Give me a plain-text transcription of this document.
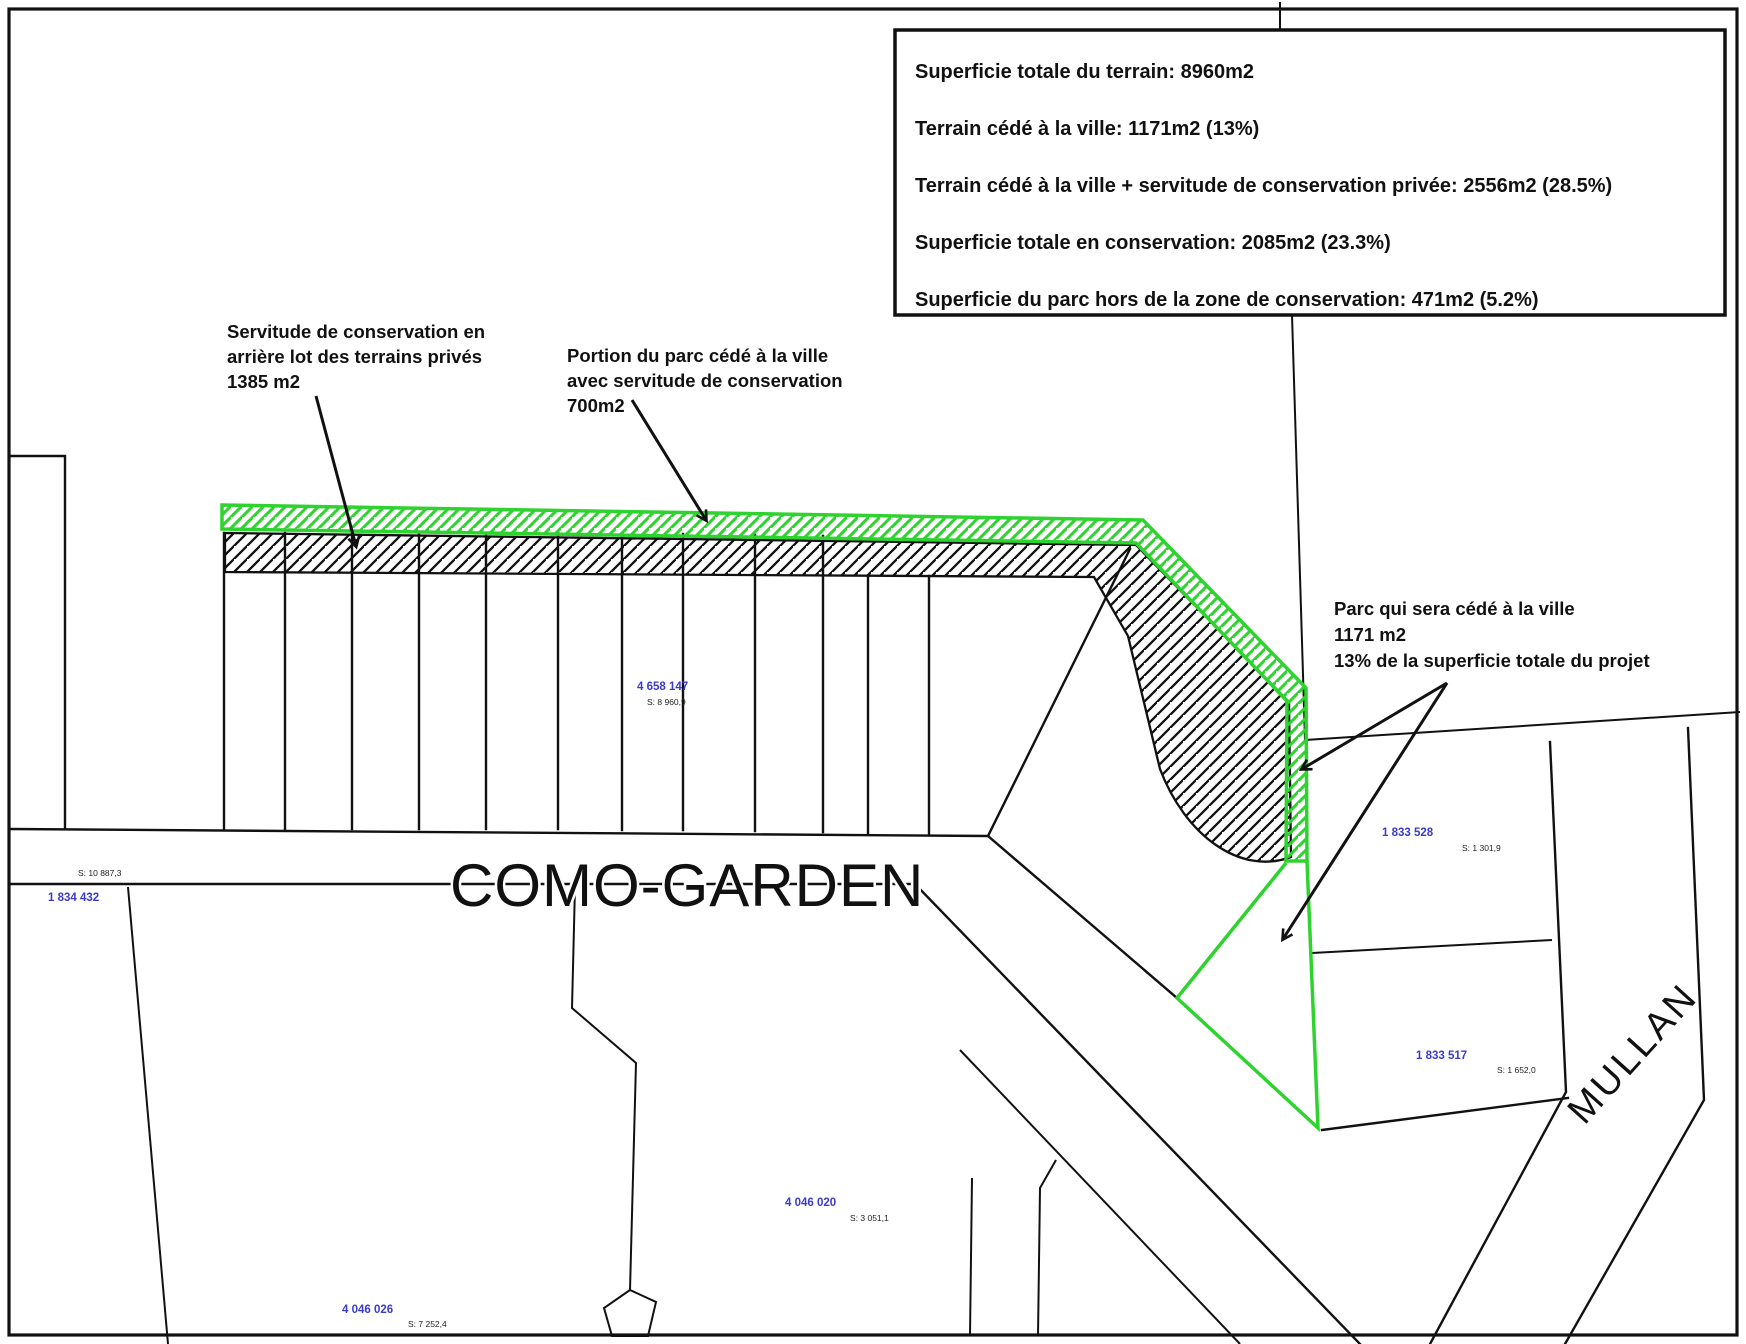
COMO-GARDEN
MULLAN
4 658 147
S: 8 960,9
S: 10 887,3
1 834 432
1 833 528
S: 1 301,9
1 833 517
S: 1 652,0
4 046 020
S: 3 051,1
4 046 026
S: 7 252,4
Servitude de conservation en
arrière lot des terrains privés
1385 m2
Portion du parc cédé à la ville
avec servitude de conservation
700m2
Parc qui sera cédé à la ville
1171 m2
13% de la superficie totale du projet
Superficie totale du terrain: 8960m2
Terrain cédé à la ville: 1171m2 (13%)
Terrain cédé à la ville + servitude de conservation privée: 2556m2 (28.5%)
Superficie totale en conservation: 2085m2 (23.3%)
Superficie du parc hors de la zone de conservation: 471m2 (5.2%)
